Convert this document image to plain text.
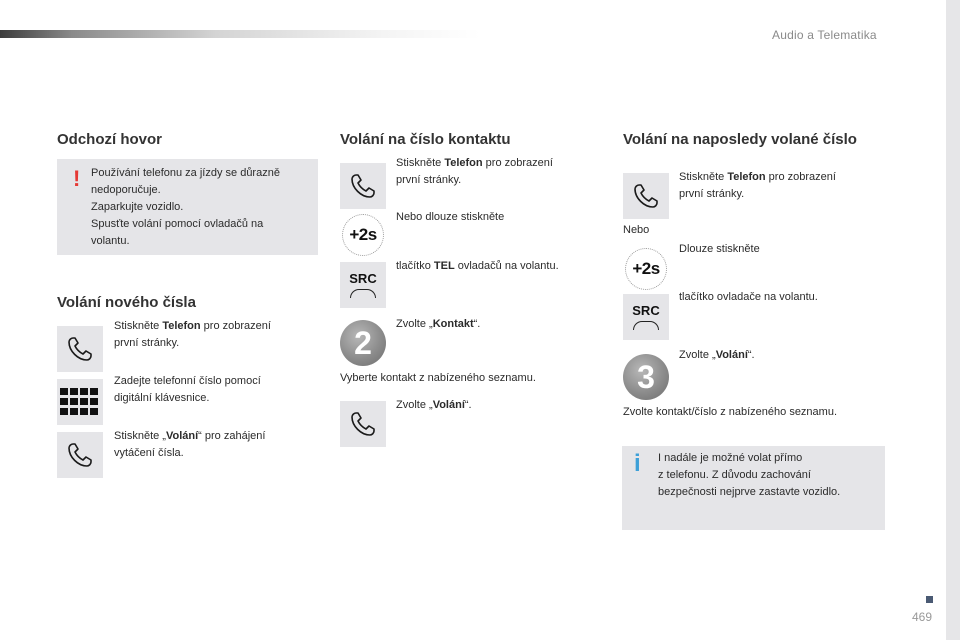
Audio a Telematika
Odchozí hovor
! Používání telefonu za jízdy se důrazně
nedoporučuje.
Zaparkujte vozidlo.
Spusťte volání pomocí ovladačů na
volantu.
Volání nového čísla
Stiskněte Telefon pro zobrazení
první stránky.
Zadejte telefonní číslo pomocí
digitální klávesnice.
Stiskněte „Volání“ pro zahájení
vytáčení čísla.
Volání na číslo kontaktu
Stiskněte Telefon pro zobrazení
první stránky.
+2s
Nebo dlouze stiskněte
SRC
tlačítko TEL ovladačů na volantu.
2
Zvolte „Kontakt“.
Vyberte kontakt z nabízeného seznamu.
Zvolte „Volání“.
Volání na naposledy volané číslo
Stiskněte Telefon pro zobrazení
první stránky.
Nebo
+2s
Dlouze stiskněte
SRC
tlačítko ovladače na volantu.
3
Zvolte „Volání“.
Zvolte kontakt/číslo z nabízeného seznamu.
i I nadále je možné volat přímo
z telefonu. Z důvodu zachování
bezpečnosti nejprve zastavte vozidlo.
469
